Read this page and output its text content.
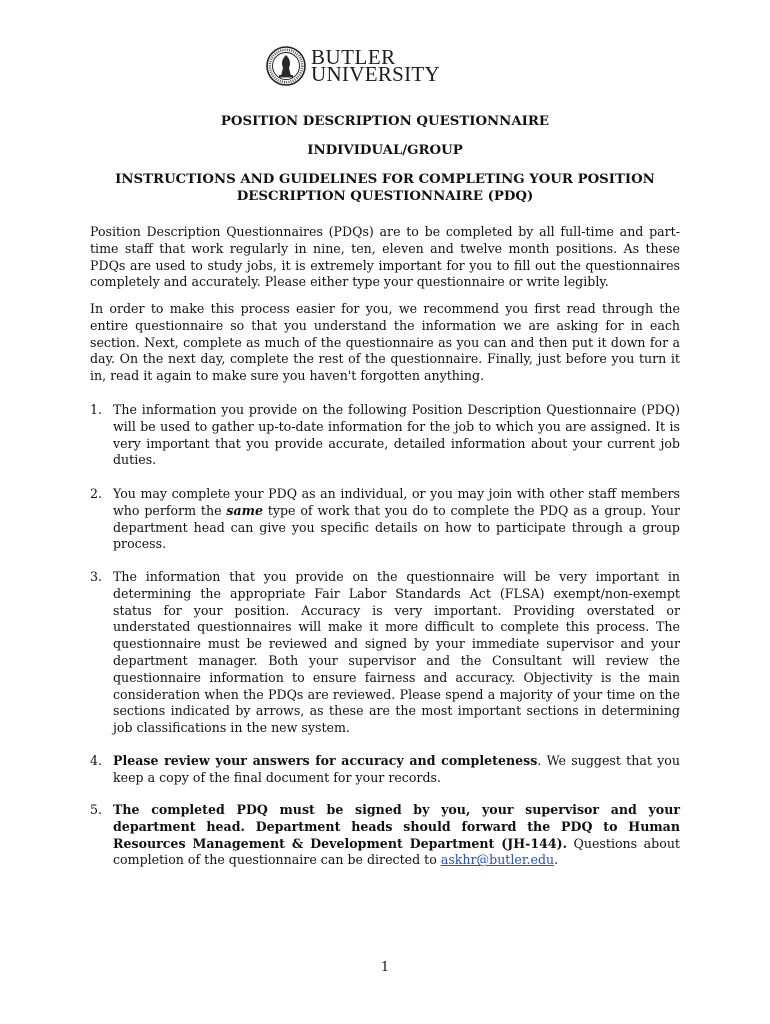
BUTLER
UNIVERSITY
POSITION DESCRIPTION QUESTIONNAIRE
INDIVIDUAL/GROUP
INSTRUCTIONS AND GUIDELINES FOR COMPLETING YOUR POSITION DESCRIPTION QUESTIONNAIRE (PDQ)

Position Description Questionnaires (PDQs) are to be completed by all full-time and part-time staff that work regularly in nine, ten, eleven and twelve month positions. As these PDQs are used to study jobs, it is extremely important for you to fill out the questionnaires completely and accurately. Please either type your questionnaire or write legibly.

In order to make this process easier for you, we recommend you first read through the entire questionnaire so that you understand the information we are asking for in each section. Next, complete as much of the questionnaire as you can and then put it down for a day. On the next day, complete the rest of the questionnaire. Finally, just before you turn it in, read it again to make sure you haven't forgotten anything.

1. The information you provide on the following Position Description Questionnaire (PDQ) will be used to gather up-to-date information for the job to which you are assigned. It is very important that you provide accurate, detailed information about your current job duties.
2. You may complete your PDQ as an individual, or you may join with other staff members who perform the same type of work that you do to complete the PDQ as a group. Your department head can give you specific details on how to participate through a group process.
3. The information that you provide on the questionnaire will be very important in determining the appropriate Fair Labor Standards Act (FLSA) exempt/non-exempt status for your position. Accuracy is very important. Providing overstated or understated questionnaires will make it more difficult to complete this process. The questionnaire must be reviewed and signed by your immediate supervisor and your department manager. Both your supervisor and the Consultant will review the questionnaire information to ensure fairness and accuracy. Objectivity is the main consideration when the PDQs are reviewed. Please spend a majority of your time on the sections indicated by arrows, as these are the most important sections in determining job classifications in the new system.
4. Please review your answers for accuracy and completeness. We suggest that you keep a copy of the final document for your records.
5. The completed PDQ must be signed by you, your supervisor and your department head. Department heads should forward the PDQ to Human Resources Management & Development Department (JH-144). Questions about completion of the questionnaire can be directed to askhr@butler.edu.
1
